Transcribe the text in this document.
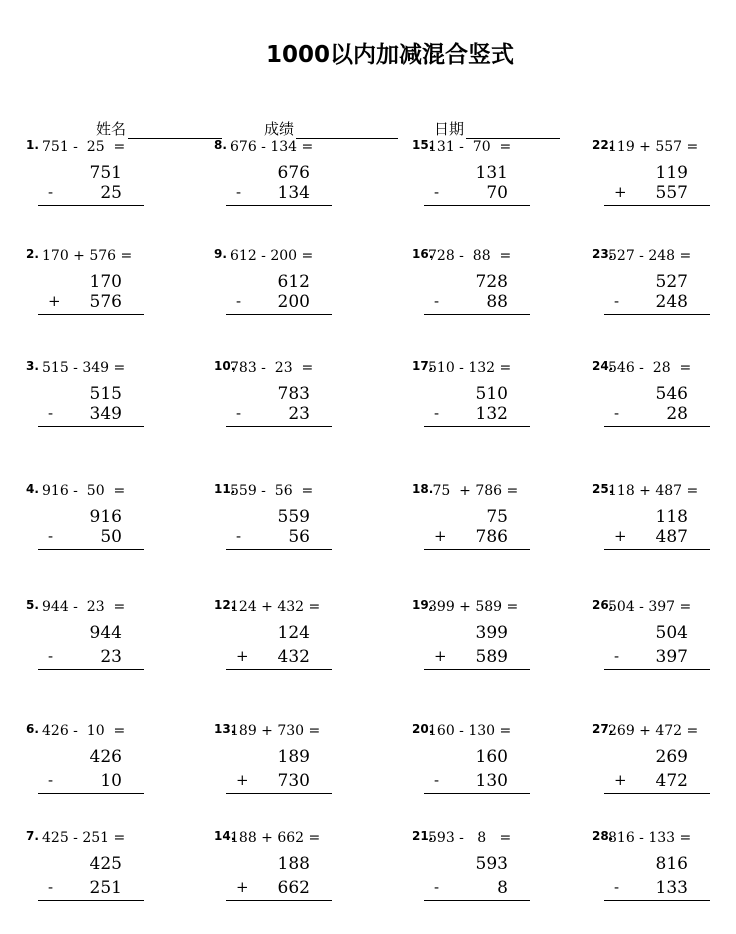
1000以内加减混合竖式
姓名	成绩	日期
1. 751 -  25  =
751
-	25
2. 170 + 576 =
170
+	576
3. 515 - 349 =
515
-	349
4. 916 -  50  =
916
-	50
5. 944 -  23  =
944
-	23
6. 426 -  10  =
426
-	10
7. 425 - 251 =
425
-	251
8. 676 - 134 =
676
-	134
9. 612 - 200 =
612
-	200
10.
783 -  23  =
783
-	23
11.
559 -  56  =
559
-	56
12.
124 + 432 =
124
+	432
13.
189 + 730 =
189
+	730
14.
188 + 662 =
188
+	662
15.
131 -  70  =
131
-	70
16.
728 -  88  =
728
-	88
17.
510 - 132 =
510
-	132
18.
75  + 786 =
75
+	786
19.
399 + 589 =
399
+	589
20.
160 - 130 =
160
-	130
21.
593 -   8   =
593
-	8
22.
119 + 557 =
119
+	557
23.
527 - 248 =
527
-	248
24.
546 -  28  =
546
-	28
25.
118 + 487 =
118
+	487
26.
504 - 397 =
504
-	397
27.
269 + 472 =
269
+	472
28.
816 - 133 =
816
-	133
